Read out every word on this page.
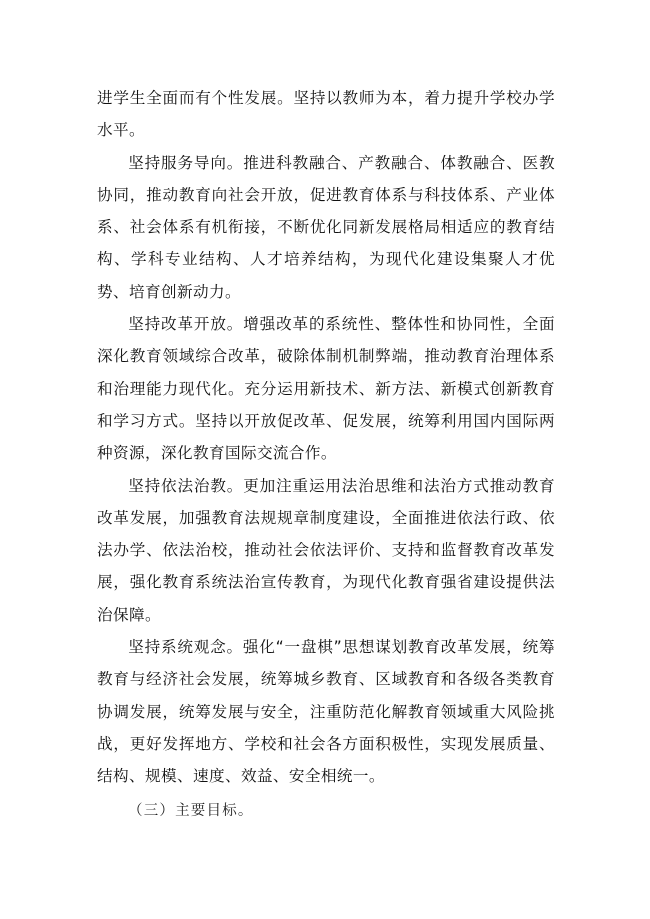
进学生全面而有个性发展。坚持以教师为本，着力提升学校办学水平。

坚持服务导向。推进科教融合、产教融合、体教融合、医教协同，推动教育向社会开放，促进教育体系与科技体系、产业体系、社会体系有机衔接，不断优化同新发展格局相适应的教育结构、学科专业结构、人才培养结构，为现代化建设集聚人才优势、培育创新动力。

坚持改革开放。增强改革的系统性、整体性和协同性，全面深化教育领域综合改革，破除体制机制弊端，推动教育治理体系和治理能力现代化。充分运用新技术、新方法、新模式创新教育和学习方式。坚持以开放促改革、促发展，统筹利用国内国际两种资源，深化教育国际交流合作。

坚持依法治教。更加注重运用法治思维和法治方式推动教育改革发展，加强教育法规规章制度建设，全面推进依法行政、依法办学、依法治校，推动社会依法评价、支持和监督教育改革发展，强化教育系统法治宣传教育，为现代化教育强省建设提供法治保障。

坚持系统观念。强化“一盘棋”思想谋划教育改革发展，统筹教育与经济社会发展，统筹城乡教育、区域教育和各级各类教育协调发展，统筹发展与安全，注重防范化解教育领域重大风险挑战，更好发挥地方、学校和社会各方面积极性，实现发展质量、结构、规模、速度、效益、安全相统一。

（三）主要目标。
